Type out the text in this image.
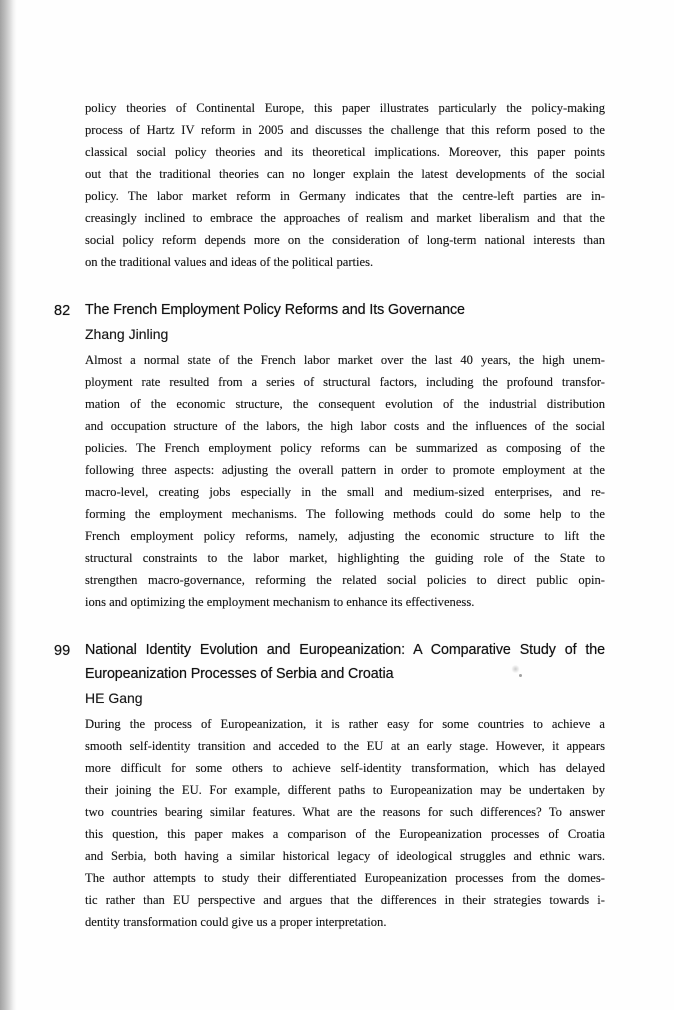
policy theories of Continental Europe, this paper illustrates particularly the policy-making
process of Hartz IV reform in 2005 and discusses the challenge that this reform posed to the
classical social policy theories and its theoretical implications. Moreover, this paper points
out that the traditional theories can no longer explain the latest developments of the social
policy. The labor market reform in Germany indicates that the centre-left parties are in-
creasingly inclined to embrace the approaches of realism and market liberalism and that the
social policy reform depends more on the consideration of long-term national interests than
on the traditional values and ideas of the political parties.

82 The French Employment Policy Reforms and Its Governance
Zhang Jinling

Almost a normal state of the French labor market over the last 40 years, the high unem-
ployment rate resulted from a series of structural factors, including the profound transfor-
mation of the economic structure, the consequent evolution of the industrial distribution
and occupation structure of the labors, the high labor costs and the influences of the social
policies. The French employment policy reforms can be summarized as composing of the
following three aspects: adjusting the overall pattern in order to promote employment at the
macro-level, creating jobs especially in the small and medium-sized enterprises, and re-
forming the employment mechanisms. The following methods could do some help to the
French employment policy reforms, namely, adjusting the economic structure to lift the
structural constraints to the labor market, highlighting the guiding role of the State to
strengthen macro-governance, reforming the related social policies to direct public opin-
ions and optimizing the employment mechanism to enhance its effectiveness.

99 National Identity Evolution and Europeanization: A Comparative Study of the
Europeanization Processes of Serbia and Croatia
HE Gang

During the process of Europeanization, it is rather easy for some countries to achieve a
smooth self-identity transition and acceded to the EU at an early stage. However, it appears
more difficult for some others to achieve self-identity transformation, which has delayed
their joining the EU. For example, different paths to Europeanization may be undertaken by
two countries bearing similar features. What are the reasons for such differences? To answer
this question, this paper makes a comparison of the Europeanization processes of Croatia
and Serbia, both having a similar historical legacy of ideological struggles and ethnic wars.
The author attempts to study their differentiated Europeanization processes from the domes-
tic rather than EU perspective and argues that the differences in their strategies towards i-
dentity transformation could give us a proper interpretation.
